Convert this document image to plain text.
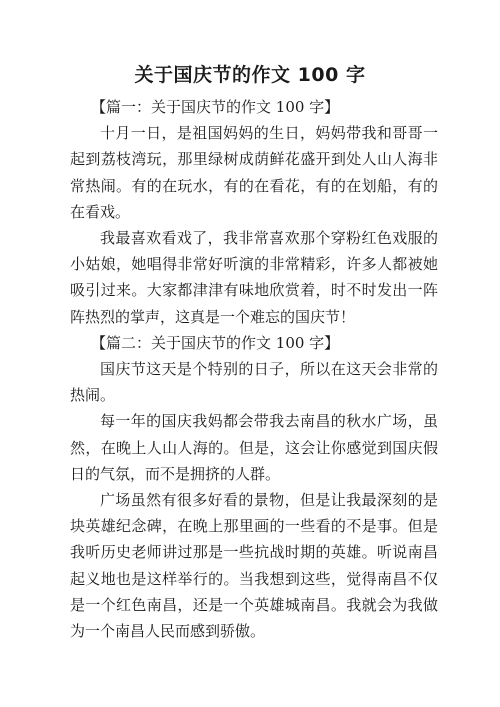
关于国庆节的作文 100 字

【篇一：关于国庆节的作文 100 字】

十月一日，是祖国妈妈的生日，妈妈带我和哥哥一起到荔枝湾玩，那里绿树成荫鲜花盛开到处人山人海非常热闹。有的在玩水，有的在看花，有的在划船，有的在看戏。

我最喜欢看戏了，我非常喜欢那个穿粉红色戏服的小姑娘，她唱得非常好听演的非常精彩，许多人都被她吸引过来。大家都津津有味地欣赏着，时不时发出一阵阵热烈的掌声，这真是一个难忘的国庆节！

【篇二：关于国庆节的作文 100 字】

国庆节这天是个特别的日子，所以在这天会非常的热闹。

每一年的国庆我妈都会带我去南昌的秋水广场，虽然，在晚上人山人海的。但是，这会让你感觉到国庆假日的气氛，而不是拥挤的人群。

广场虽然有很多好看的景物，但是让我最深刻的是块英雄纪念碑，在晚上那里画的一些看的不是事。但是我听历史老师讲过那是一些抗战时期的英雄。听说南昌起义地也是这样举行的。当我想到这些，觉得南昌不仅是一个红色南昌，还是一个英雄城南昌。我就会为我做为一个南昌人民而感到骄傲。
